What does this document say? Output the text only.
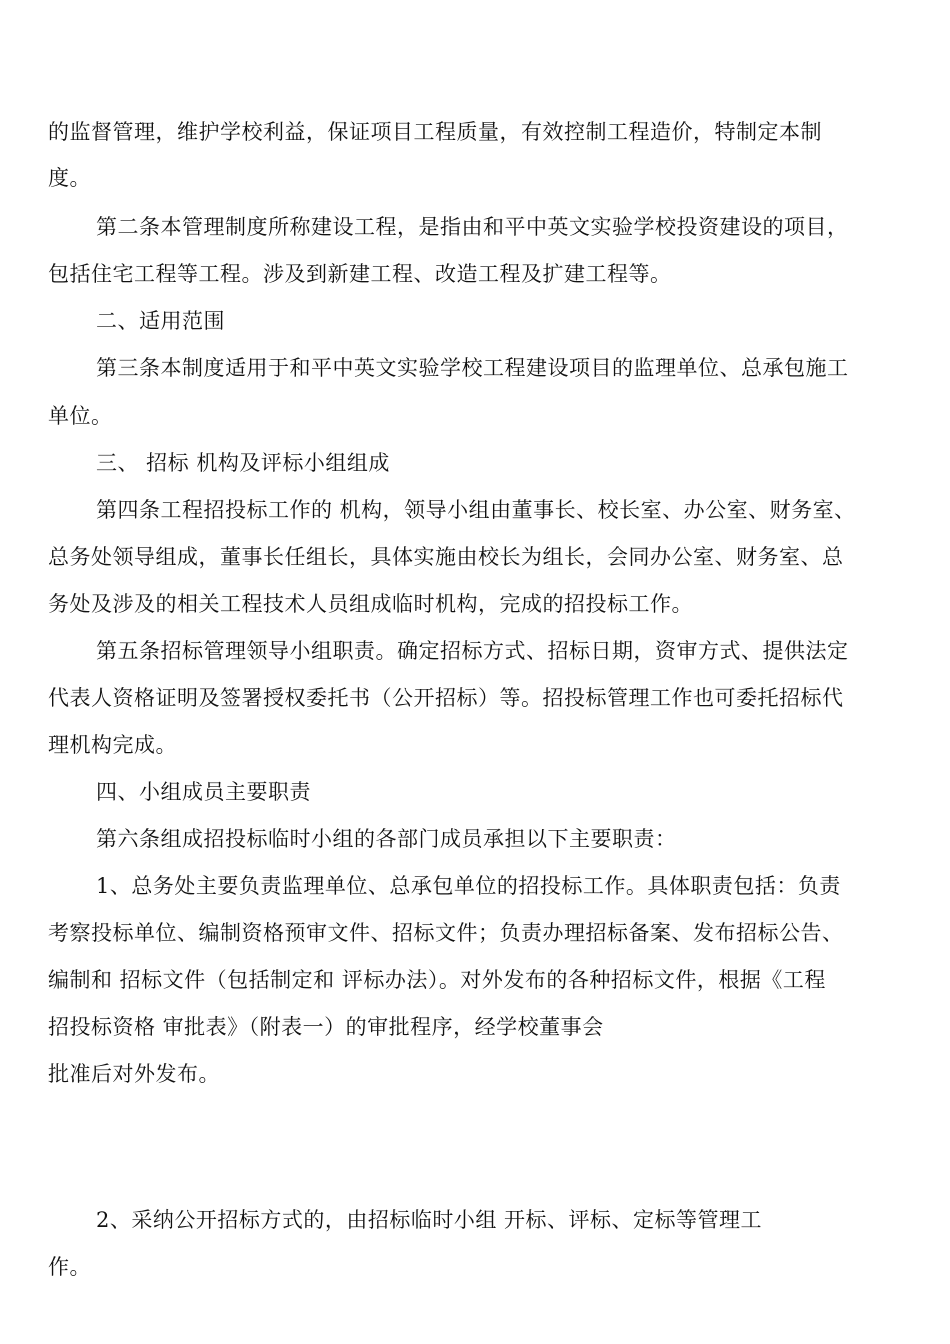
的监督管理，维护学校利益，保证项目工程质量，有效控制工程造价，特制定本制
度。
第二条本管理制度所称建设工程，是指由和平中英文实验学校投资建设的项目，
包括住宅工程等工程。涉及到新建工程、改造工程及扩建工程等。
二、适用范围
第三条本制度适用于和平中英文实验学校工程建设项目的监理单位、总承包施工
单位。
三、 招标 机构及评标小组组成
第四条工程招投标工作的 机构，领导小组由董事长、校长室、办公室、财务室、
总务处领导组成，董事长任组长，具体实施由校长为组长，会同办公室、财务室、总
务处及涉及的相关工程技术人员组成临时机构，完成的招投标工作。
第五条招标管理领导小组职责。确定招标方式、招标日期，资审方式、提供法定
代表人资格证明及签署授权委托书（公开招标）等。招投标管理工作也可委托招标代
理机构完成。
四、小组成员主要职责
第六条组成招投标临时小组的各部门成员承担以下主要职责：
1、总务处主要负责监理单位、总承包单位的招投标工作。具体职责包括：负责
考察投标单位、编制资格预审文件、招标文件；负责办理招标备案、发布招标公告、
编制和 招标文件（包括制定和 评标办法）。对外发布的各种招标文件，根据《工程
招投标资格 审批表》（附表一）的审批程序，经学校董事会
批准后对外发布。
2、采纳公开招标方式的，由招标临时小组 开标、评标、定标等管理工
作。
